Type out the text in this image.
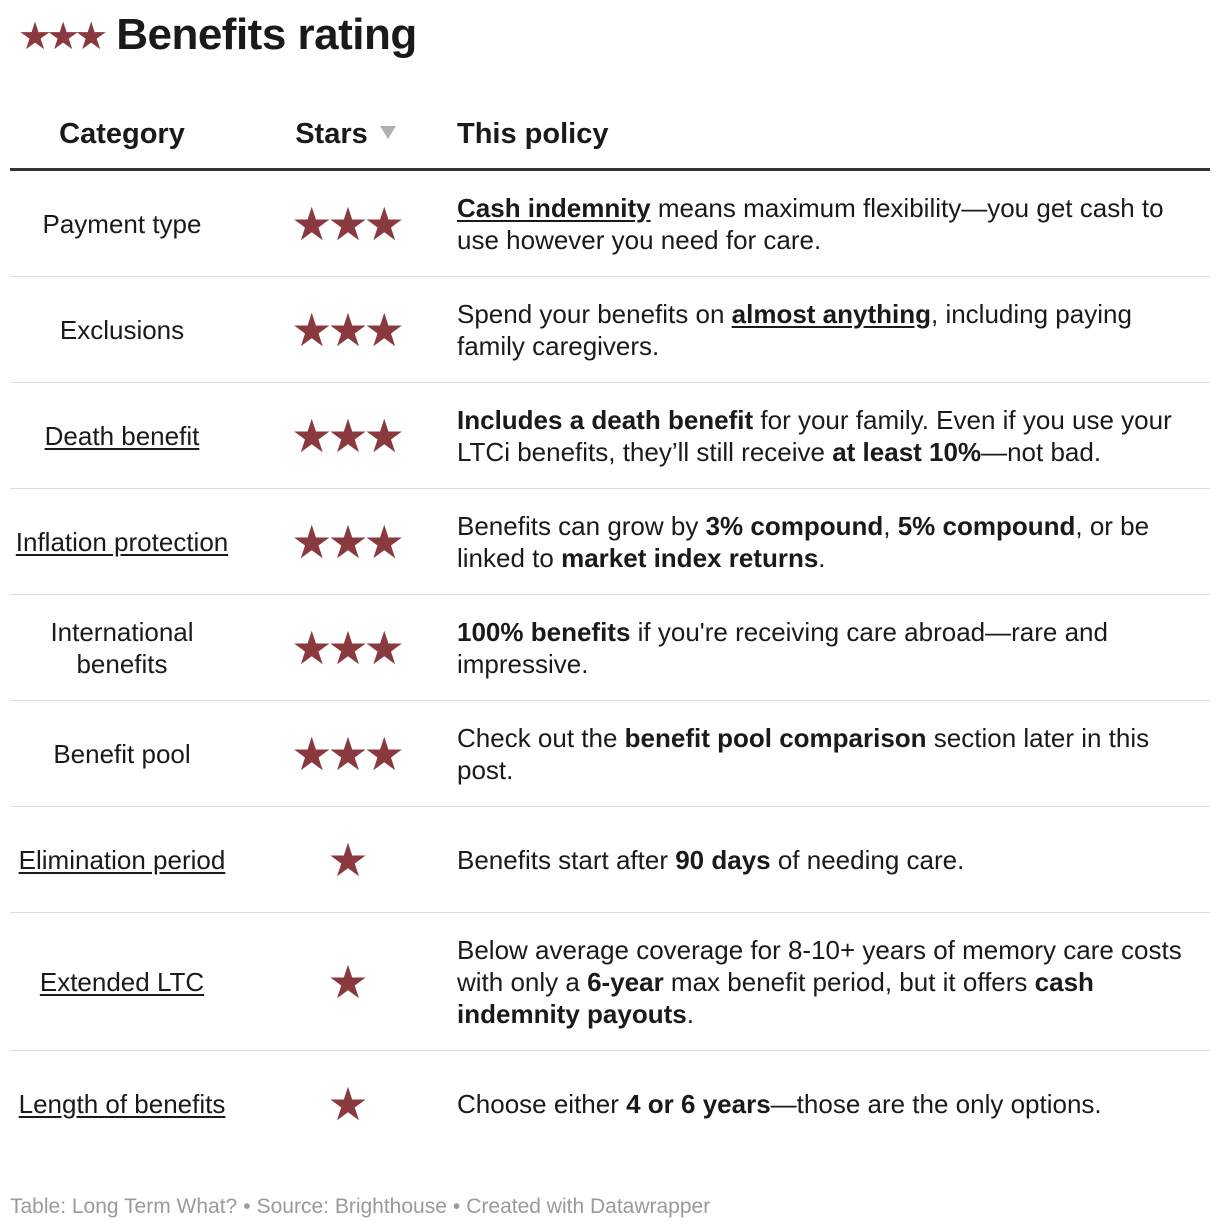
★★★ Benefits rating
Category	Stars	This policy
Payment type	★★★	Cash indemnity means maximum flexibility—you get cash to use however you need for care.
Exclusions	★★★	Spend your benefits on almost anything, including paying family caregivers.
Death benefit	★★★	Includes a death benefit for your family. Even if you use your LTCi benefits, they’ll still receive at least 10%—not bad.
Inflation protection	★★★	Benefits can grow by 3% compound, 5% compound, or be linked to market index returns.
International benefits	★★★	100% benefits if you're receiving care abroad—rare and impressive.
Benefit pool	★★★	Check out the benefit pool comparison section later in this post.
Elimination period	★	Benefits start after 90 days of needing care.
Extended LTC	★	Below average coverage for 8-10+ years of memory care costs with only a 6-year max benefit period, but it offers cash indemnity payouts.
Length of benefits	★	Choose either 4 or 6 years—those are the only options.
Table: Long Term What? • Source: Brighthouse • Created with Datawrapper
